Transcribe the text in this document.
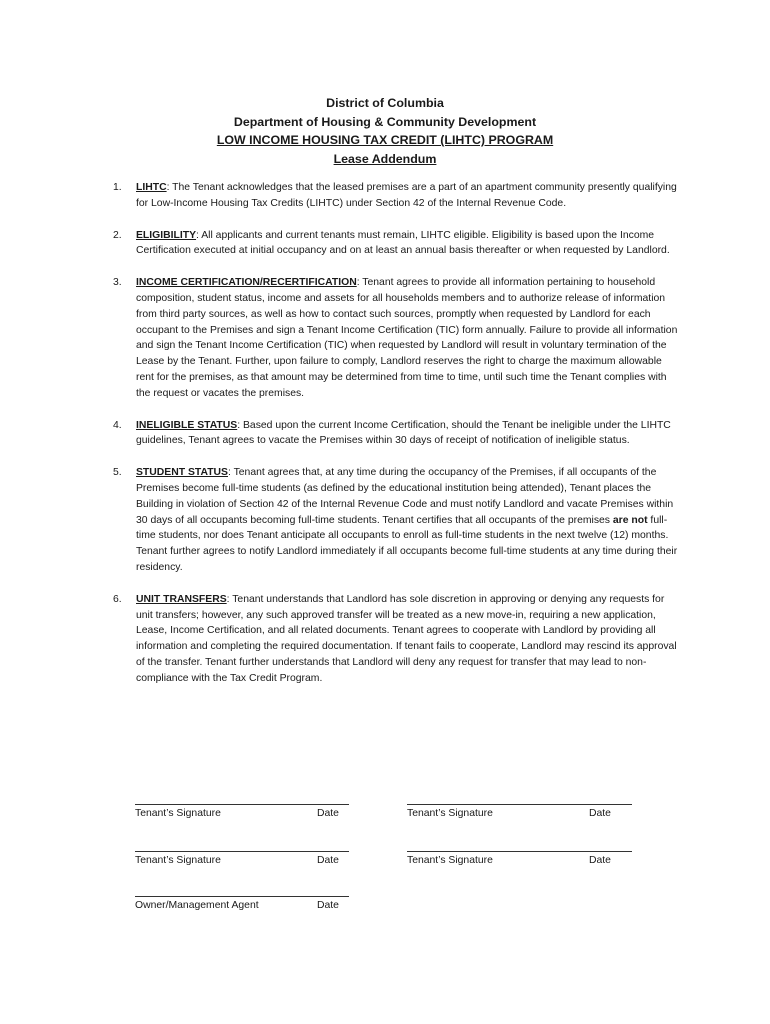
District of Columbia
Department of Housing & Community Development
LOW INCOME HOUSING TAX CREDIT (LIHTC) PROGRAM
Lease Addendum
1. LIHTC: The Tenant acknowledges that the leased premises are a part of an apartment community presently qualifying for Low-Income Housing Tax Credits (LIHTC) under Section 42 of the Internal Revenue Code.
2. ELIGIBILITY: All applicants and current tenants must remain, LIHTC eligible. Eligibility is based upon the Income Certification executed at initial occupancy and on at least an annual basis thereafter or when requested by Landlord.
3. INCOME CERTIFICATION/RECERTIFICATION: Tenant agrees to provide all information pertaining to household composition, student status, income and assets for all households members and to authorize release of information from third party sources, as well as how to contact such sources, promptly when requested by Landlord for each occupant to the Premises and sign a Tenant Income Certification (TIC) form annually. Failure to provide all information and sign the Tenant Income Certification (TIC) when requested by Landlord will result in voluntary termination of the Lease by the Tenant. Further, upon failure to comply, Landlord reserves the right to charge the maximum allowable rent for the premises, as that amount may be determined from time to time, until such time the Tenant complies with the request or vacates the premises.
4. INELIGIBLE STATUS: Based upon the current Income Certification, should the Tenant be ineligible under the LIHTC guidelines, Tenant agrees to vacate the Premises within 30 days of receipt of notification of ineligible status.
5. STUDENT STATUS: Tenant agrees that, at any time during the occupancy of the Premises, if all occupants of the Premises become full-time students (as defined by the educational institution being attended), Tenant places the Building in violation of Section 42 of the Internal Revenue Code and must notify Landlord and vacate Premises within 30 days of all occupants becoming full-time students. Tenant certifies that all occupants of the premises are not full-time students, nor does Tenant anticipate all occupants to enroll as full-time students in the next twelve (12) months. Tenant further agrees to notify Landlord immediately if all occupants become full-time students at any time during their residency.
6. UNIT TRANSFERS: Tenant understands that Landlord has sole discretion in approving or denying any requests for unit transfers; however, any such approved transfer will be treated as a new move-in, requiring a new application, Lease, Income Certification, and all related documents. Tenant agrees to cooperate with Landlord by providing all information and completing the required documentation. If tenant fails to cooperate, Landlord may rescind its approval of the transfer. Tenant further understands that Landlord will deny any request for transfer that may lead to non-compliance with the Tax Credit Program.
Tenant’s Signature	Date	Tenant’s Signature	Date
Tenant’s Signature	Date	Tenant’s Signature	Date
Owner/Management Agent	Date
